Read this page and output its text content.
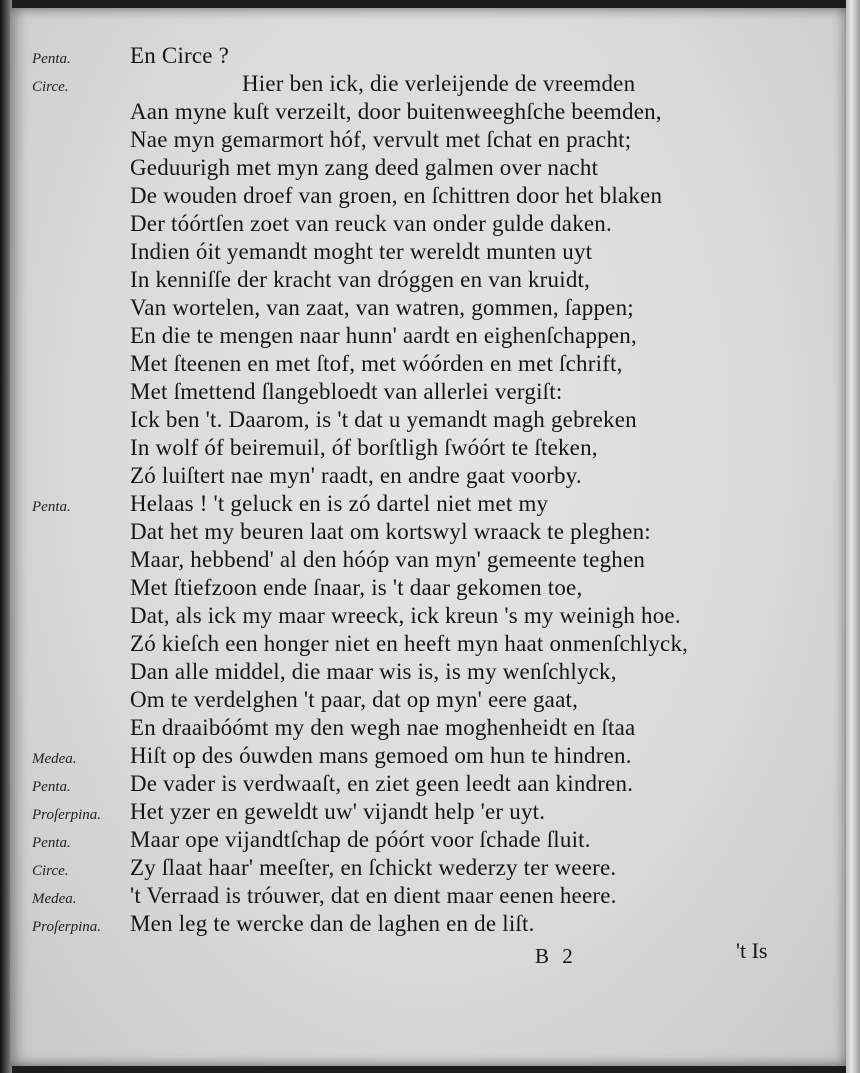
Penta.	En Circe ?
Circe.	Hier ben ick, die verleijende de vreemden
Aan myne kuſt verzeilt, door buitenweeghſche beemden,
Nae myn gemarmort hóf, vervult met ſchat en pracht;
Geduurigh met myn zang deed galmen over nacht
De wouden droef van groen, en ſchittren door het blaken
Der tóórtſen zoet van reuck van onder gulde daken.
Indien óit yemandt moght ter wereldt munten uyt
In kenniſſe der kracht van dróggen en van kruidt,
Van wortelen, van zaat, van watren, gommen, ſappen;
En die te mengen naar hunn' aardt en eighenſchappen,
Met ſteenen en met ſtof, met wóórden en met ſchrift,
Met ſmettend ſlangebloedt van allerlei vergiſt:
Ick ben 't. Daarom, is 't dat u yemandt magh gebreken
In wolf óf beiremuil, óf borſtligh ſwóórt te ſteken,
Zó luiſtert nae myn' raadt, en andre gaat voorby.
Penta.	Helaas ! 't geluck en is zó dartel niet met my
Dat het my beuren laat om kortswyl wraack te pleghen:
Maar, hebbend' al den hóóp van myn' gemeente teghen
Met ſtiefzoon ende ſnaar, is 't daar gekomen toe,
Dat, als ick my maar wreeck, ick kreun 's my weinigh hoe.
Zó kieſch een honger niet en heeft myn haat onmenſchlyck,
Dan alle middel, die maar wis is, is my wenſchlyck,
Om te verdelghen 't paar, dat op myn' eere gaat,
En draaibóómt my den wegh nae moghenheidt en ſtaa
Medea. Hiſt op des óuwden mans gemoed om hun te hindren.
Penta.	De vader is verdwaaſt, en ziet geen leedt aan kindren.
Proſerpina. Het yzer en geweldt uw' vijandt help 'er uyt.
Penta.	Maar ope vijandtſchap de póórt voor ſchade ſluit.
Circe.	Zy ſlaat haar' meeſter, en ſchickt wederzy ter weere.
Medea. 't Verraad is tróuwer, dat en dient maar eenen heere.
Proſerpina. Men leg te wercke dan de laghen en de liſt.
B 2	't Is
